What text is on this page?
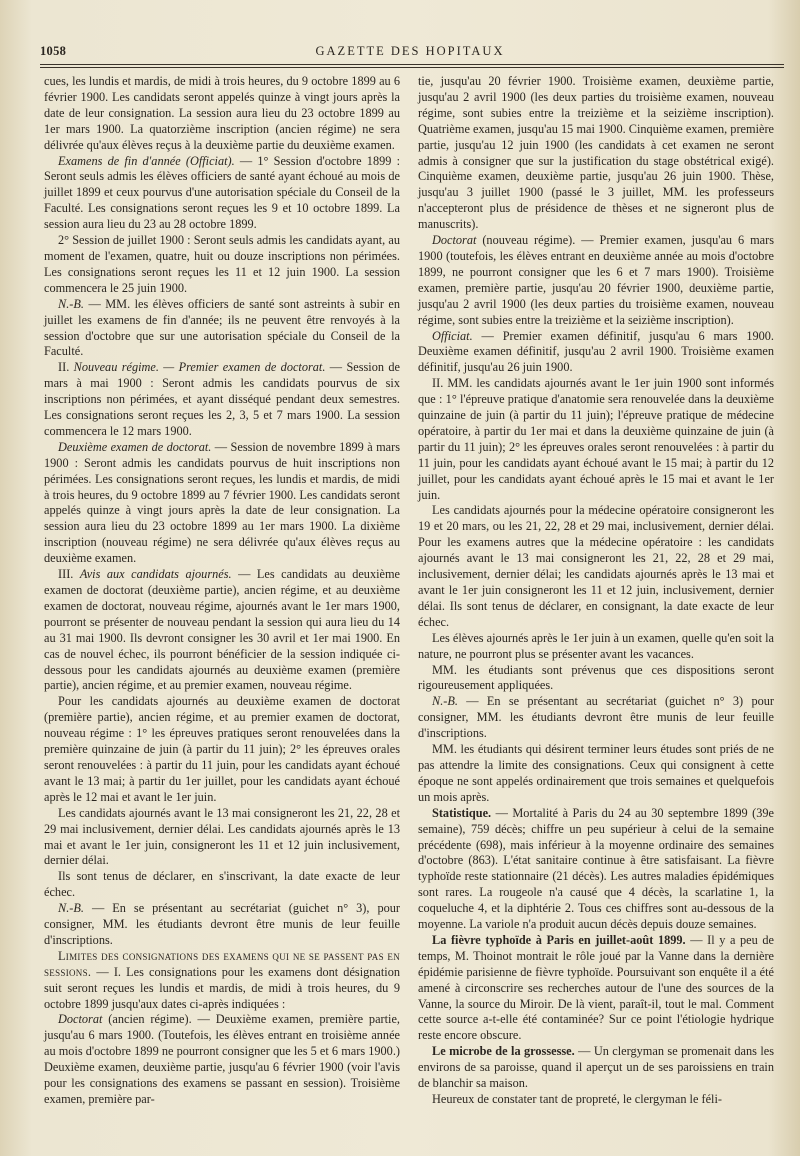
1058	GAZETTE DES HOPITAUX

cues, les lundis et mardis, de midi à trois heures, du 9 octobre 1899 au 6 février 1900. Les candidats seront appelés quinze à vingt jours après la date de leur consignation. La session aura lieu du 23 octobre 1899 au 1er mars 1900. La quatorzième inscription (ancien régime) ne sera délivrée qu'aux élèves reçus à la deuxième partie du deuxième examen.

Examens de fin d'année (Officiat). — 1° Session d'octobre 1899 : Seront seuls admis les élèves officiers de santé ayant échoué au mois de juillet 1899 et ceux pourvus d'une autorisation spéciale du Conseil de la Faculté. Les consignations seront reçues les 9 et 10 octobre 1899. La session aura lieu du 23 au 28 octobre 1899.

2° Session de juillet 1900 : Seront seuls admis les candidats ayant, au moment de l'examen, quatre, huit ou douze inscriptions non périmées. Les consignations seront reçues les 11 et 12 juin 1900. La session commencera le 25 juin 1900.

N.-B. — MM. les élèves officiers de santé sont astreints à subir en juillet les examens de fin d'année; ils ne peuvent être renvoyés à la session d'octobre que sur une autorisation spéciale du Conseil de la Faculté.

II. Nouveau régime. — Premier examen de doctorat. — Session de mars à mai 1900 : Seront admis les candidats pourvus de six inscriptions non périmées, et ayant disséqué pendant deux semestres. Les consignations seront reçues les 2, 3, 5 et 7 mars 1900. La session commencera le 12 mars 1900.

Deuxième examen de doctorat. — Session de novembre 1899 à mars 1900 : Seront admis les candidats pourvus de huit inscriptions non périmées. Les consignations seront reçues, les lundis et mardis, de midi à trois heures, du 9 octobre 1899 au 7 février 1900. Les candidats seront appelés quinze à vingt jours après la date de leur consignation. La session aura lieu du 23 octobre 1899 au 1er mars 1900. La dixième inscription (nouveau régime) ne sera délivrée qu'aux élèves reçus au deuxième examen.

III. Avis aux candidats ajournés. — Les candidats au deuxième examen de doctorat (deuxième partie), ancien régime, et au deuxième examen de doctorat, nouveau régime, ajournés avant le 1er mars 1900, pourront se présenter de nouveau pendant la session qui aura lieu du 14 au 31 mai 1900. Ils devront consigner les 30 avril et 1er mai 1900. En cas de nouvel échec, ils pourront bénéficier de la session indiquée ci-dessous pour les candidats ajournés au deuxième examen (première partie), ancien régime, et au premier examen, nouveau régime.

Pour les candidats ajournés au deuxième examen de doctorat (première partie), ancien régime, et au premier examen de doctorat, nouveau régime : 1° les épreuves pratiques seront renouvelées dans la première quinzaine de juin (à partir du 11 juin); 2° les épreuves orales seront renouvelées : à partir du 11 juin, pour les candidats ayant échoué avant le 13 mai; à partir du 1er juillet, pour les candidats ayant échoué après le 12 mai et avant le 1er juin.

Les candidats ajournés avant le 13 mai consigneront les 21, 22, 28 et 29 mai inclusivement, dernier délai. Les candidats ajournés après le 13 mai et avant le 1er juin, consigneront les 11 et 12 juin inclusivement, dernier délai.

Ils sont tenus de déclarer, en s'inscrivant, la date exacte de leur échec.

N.-B. — En se présentant au secrétariat (guichet n° 3), pour consigner, MM. les étudiants devront être munis de leur feuille d'inscriptions.

Limites des consignations des examens qui ne se passent pas en sessions. — I. Les consignations pour les examens dont désignation suit seront reçues les lundis et mardis, de midi à trois heures, du 9 octobre 1899 jusqu'aux dates ci-après indiquées :

Doctorat (ancien régime). — Deuxième examen, première partie, jusqu'au 6 mars 1900. (Toutefois, les élèves entrant en troisième année au mois d'octobre 1899 ne pourront consigner que les 5 et 6 mars 1900.) Deuxième examen, deuxième partie, jusqu'au 6 février 1900 (voir l'avis pour les consignations des examens se passant en session). Troisième examen, première par-

tie, jusqu'au 20 février 1900. Troisième examen, deuxième partie, jusqu'au 2 avril 1900 (les deux parties du troisième examen, nouveau régime, sont subies entre la treizième et la seizième inscription). Quatrième examen, jusqu'au 15 mai 1900. Cinquième examen, première partie, jusqu'au 12 juin 1900 (les candidats à cet examen ne seront admis à consigner que sur la justification du stage obstétrical exigé). Cinquième examen, deuxième partie, jusqu'au 26 juin 1900. Thèse, jusqu'au 3 juillet 1900 (passé le 3 juillet, MM. les professeurs n'accepteront plus de présidence de thèses et ne signeront plus de manuscrits).

Doctorat (nouveau régime). — Premier examen, jusqu'au 6 mars 1900 (toutefois, les élèves entrant en deuxième année au mois d'octobre 1899, ne pourront consigner que les 6 et 7 mars 1900). Troisième examen, première partie, jusqu'au 20 février 1900, deuxième partie, jusqu'au 2 avril 1900 (les deux parties du troisième examen, nouveau régime, sont subies entre la treizième et la seizième inscription).

Officiat. — Premier examen définitif, jusqu'au 6 mars 1900. Deuxième examen définitif, jusqu'au 2 avril 1900. Troisième examen définitif, jusqu'au 26 juin 1900.

II. MM. les candidats ajournés avant le 1er juin 1900 sont informés que : 1° l'épreuve pratique d'anatomie sera renouvelée dans la deuxième quinzaine de juin (à partir du 11 juin); l'épreuve pratique de médecine opératoire, à partir du 1er mai et dans la deuxième quinzaine de juin (à partir du 11 juin); 2° les épreuves orales seront renouvelées : à partir du 11 juin, pour les candidats ayant échoué avant le 15 mai; à partir du 12 juillet, pour les candidats ayant échoué après le 15 mai et avant le 1er juin.

Les candidats ajournés pour la médecine opératoire consigneront les 19 et 20 mars, ou les 21, 22, 28 et 29 mai, inclusivement, dernier délai. Pour les examens autres que la médecine opératoire : les candidats ajournés avant le 13 mai consigneront les 21, 22, 28 et 29 mai, inclusivement, dernier délai; les candidats ajournés après le 13 mai et avant le 1er juin consigneront les 11 et 12 juin, inclusivement, dernier délai. Ils sont tenus de déclarer, en consignant, la date exacte de leur échec.

Les élèves ajournés après le 1er juin à un examen, quelle qu'en soit la nature, ne pourront plus se présenter avant les vacances.

MM. les étudiants sont prévenus que ces dispositions seront rigoureusement appliquées.

N.-B. — En se présentant au secrétariat (guichet n° 3) pour consigner, MM. les étudiants devront être munis de leur feuille d'inscriptions.

MM. les étudiants qui désirent terminer leurs études sont priés de ne pas attendre la limite des consignations. Ceux qui consignent à cette époque ne sont appelés ordinairement que trois semaines et quelquefois un mois après.

Statistique. — Mortalité à Paris du 24 au 30 septembre 1899 (39e semaine), 759 décès; chiffre un peu supérieur à celui de la semaine précédente (698), mais inférieur à la moyenne ordinaire des semaines d'octobre (863). L'état sanitaire continue à être satisfaisant. La fièvre typhoïde reste stationnaire (21 décès). Les autres maladies épidémiques sont rares. La rougeole n'a causé que 4 décès, la scarlatine 1, la coqueluche 4, et la diphtérie 2. Tous ces chiffres sont au-dessous de la moyenne. La variole n'a produit aucun décès depuis douze semaines.

La fièvre typhoïde à Paris en juillet-août 1899. — Il y a peu de temps, M. Thoinot montrait le rôle joué par la Vanne dans la dernière épidémie parisienne de fièvre typhoïde. Poursuivant son enquête il a été amené à circonscrire ses recherches autour de l'une des sources de la Vanne, la source du Miroir. De là vient, paraît-il, tout le mal. Comment cette source a-t-elle été contaminée? Sur ce point l'étiologie hydrique reste encore obscure.

Le microbe de la grossesse. — Un clergyman se promenait dans les environs de sa paroisse, quand il aperçut un de ses paroissiens en train de blanchir sa maison.

Heureux de constater tant de propreté, le clergyman le féli-
